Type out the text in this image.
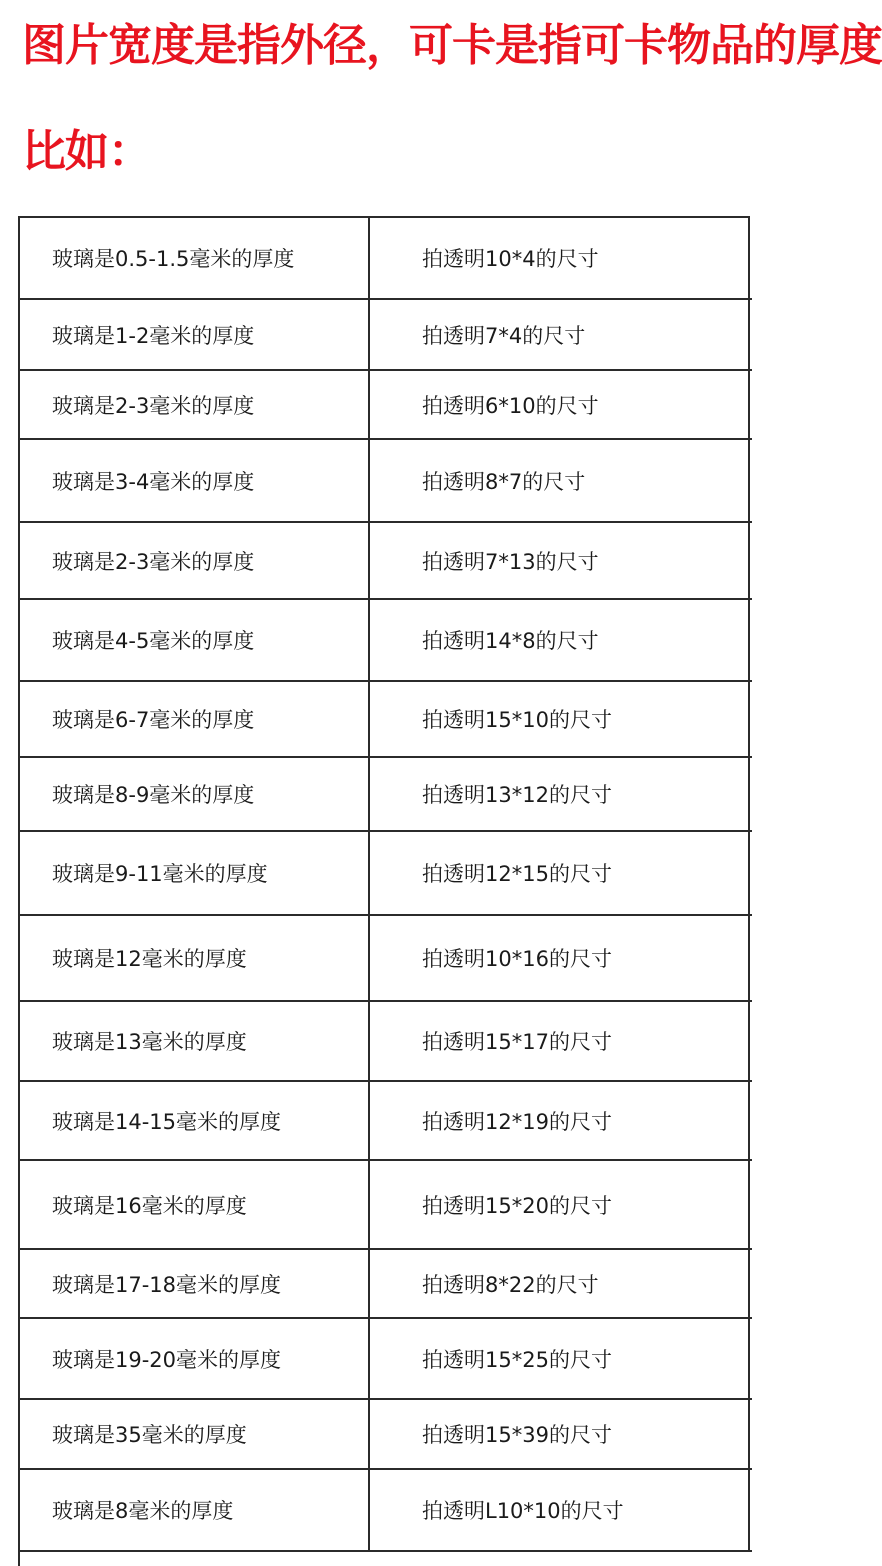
图片宽度是指外径，可卡是指可卡物品的厚度
比如：
玻璃是0.5-1.5毫米的厚度	拍透明10*4的尺寸
玻璃是1-2毫米的厚度	拍透明7*4的尺寸
玻璃是2-3毫米的厚度	拍透明6*10的尺寸
玻璃是3-4毫米的厚度	拍透明8*7的尺寸
玻璃是2-3毫米的厚度	拍透明7*13的尺寸
玻璃是4-5毫米的厚度	拍透明14*8的尺寸
玻璃是6-7毫米的厚度	拍透明15*10的尺寸
玻璃是8-9毫米的厚度	拍透明13*12的尺寸
玻璃是9-11毫米的厚度	拍透明12*15的尺寸
玻璃是12毫米的厚度	拍透明10*16的尺寸
玻璃是13毫米的厚度	拍透明15*17的尺寸
玻璃是14-15毫米的厚度	拍透明12*19的尺寸
玻璃是16毫米的厚度	拍透明15*20的尺寸
玻璃是17-18毫米的厚度	拍透明8*22的尺寸
玻璃是19-20毫米的厚度	拍透明15*25的尺寸
玻璃是35毫米的厚度	拍透明15*39的尺寸
玻璃是8毫米的厚度	拍透明L10*10的尺寸
